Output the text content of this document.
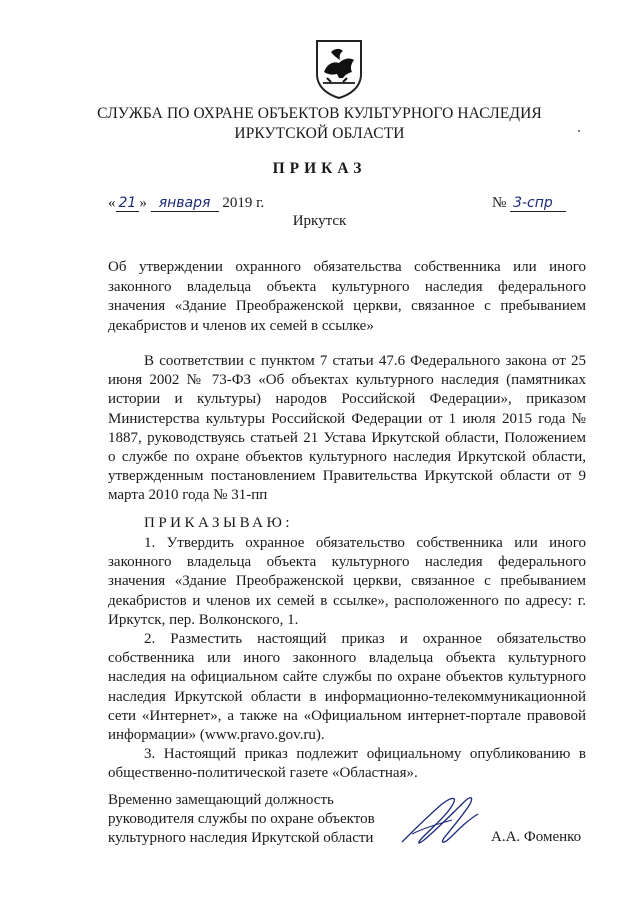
СЛУЖБА ПО ОХРАНЕ ОБЪЕКТОВ КУЛЬТУРНОГО НАСЛЕДИЯ
ИРКУТСКОЙ ОБЛАСТИ
ПРИКАЗ
« 21 » января 2019 г.	№ 3-спр
Иркутск
Об утверждении охранного обязательства собственника или иного законного владельца объекта культурного наследия федерального значения «Здание Преображенской церкви, связанное с пребыванием декабристов и членов их семей в ссылке»
В соответствии с пунктом 7 статьи 47.6 Федерального закона от 25 июня 2002 № 73-ФЗ «Об объектах культурного наследия (памятниках истории и культуры) народов Российской Федерации», приказом Министерства культуры Российской Федерации от 1 июля 2015 года № 1887, руководствуясь статьей 21 Устава Иркутской области, Положением о службе по охране объектов культурного наследия Иркутской области, утвержденным постановлением Правительства Иркутской области от 9 марта 2010 года № 31-пп
ПРИКАЗЫВАЮ:

1. Утвердить охранное обязательство собственника или иного законного владельца объекта культурного наследия федерального значения «Здание Преображенской церкви, связанное с пребыванием декабристов и членов их семей в ссылке», расположенного по адресу: г. Иркутск, пер. Волконского, 1.

2. Разместить настоящий приказ и охранное обязательство собственника или иного законного владельца объекта культурного наследия на официальном сайте службы по охране объектов культурного наследия Иркутской области в информационно-телекоммуникационной сети «Интернет», а также на «Официальном интернет-портале правовой информации» (www.pravo.gov.ru).

3. Настоящий приказ подлежит официальному опубликованию в общественно-политической газете «Областная».

Временно замещающий должность
руководителя службы по охране объектов
культурного наследия Иркутской области	А.А. Фоменко
